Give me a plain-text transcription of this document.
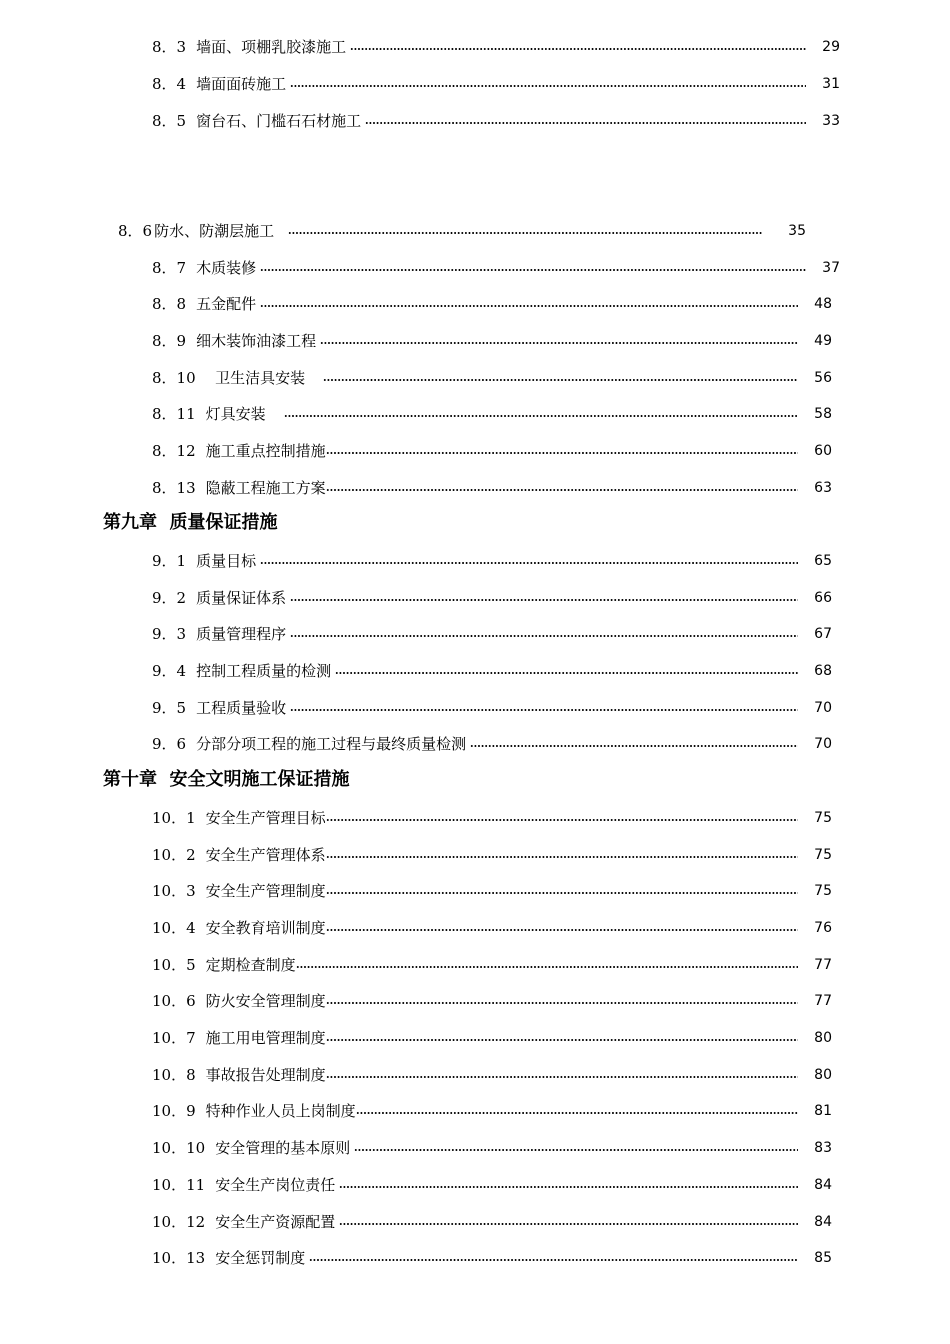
8．3 墙面、项棚乳胶漆施工	29
8．4 墙面面砖施工	31
8．5 窗台石、门槛石石材施工	33
8．6 防水、防潮层施工	35
8．7 木质装修	37
8．8 五金配件	48
8．9 细木装饰油漆工程	49
8．10 卫生洁具安装	56
8．11 灯具安装	58
8．12 施工重点控制措施	60
8．13 隐蔽工程施工方案	63
第九章  质量保证措施
9．1 质量目标	65
9．2 质量保证体系	66
9．3 质量管理程序	67
9．4 控制工程质量的检测	68
9．5 工程质量验收	70
9．6 分部分项工程的施工过程与最终质量检测	70
第十章  安全文明施工保证措施
10．1 安全生产管理目标	75
10．2 安全生产管理体系	75
10．3 安全生产管理制度	75
10．4 安全教育培训制度	76
10．5 定期检查制度	77
10．6 防火安全管理制度	77
10．7 施工用电管理制度	80
10．8 事故报告处理制度	80
10．9 特种作业人员上岗制度	81
10．10 安全管理的基本原则	83
10．11 安全生产岗位责任	84
10．12 安全生产资源配置	84
10．13 安全惩罚制度	85
